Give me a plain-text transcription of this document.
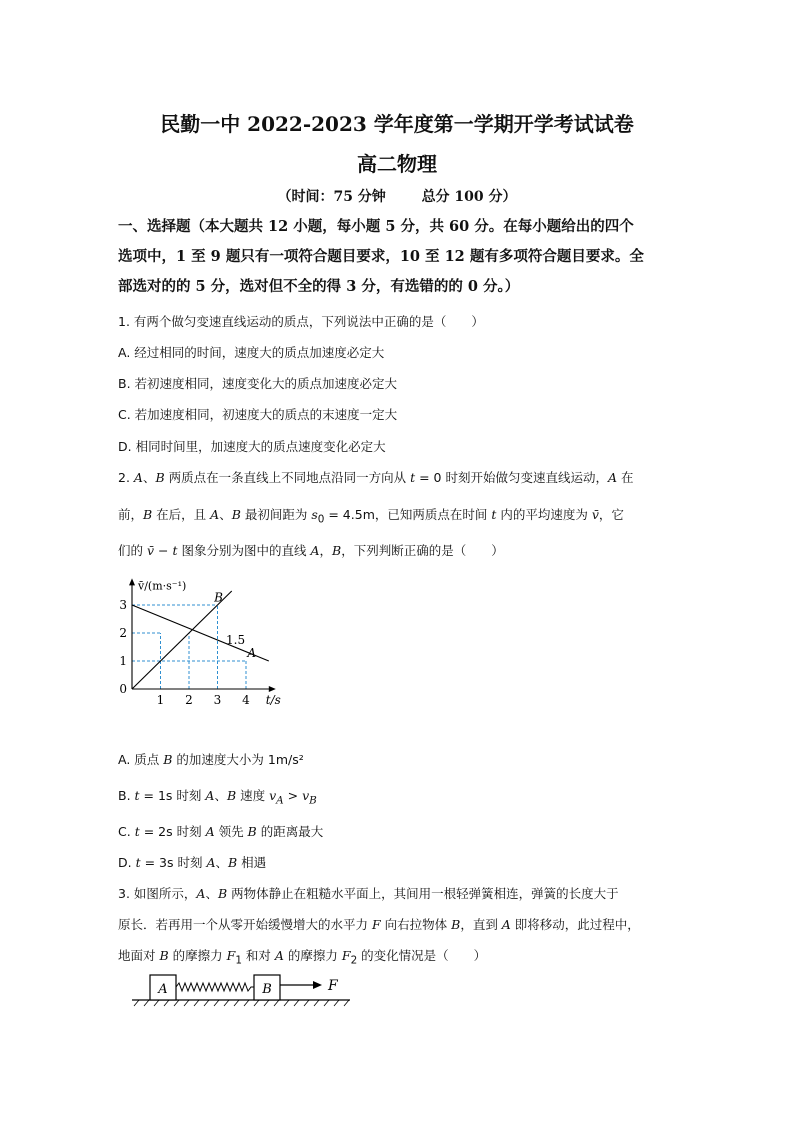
民勤一中 2022-2023 学年度第一学期开学考试试卷
高二物理
（时间：75 分钟	总分 100 分）
一、选择题（本大题共 12 小题，每小题 5 分，共 60 分。在每小题给出的四个
选项中，1 至 9 题只有一项符合题目要求，10 至 12 题有多项符合题目要求。全
部选对的的 5 分，选对但不全的得 3 分，有选错的的 0 分。）
1. 有两个做匀变速直线运动的质点，下列说法中正确的是（　　）
A. 经过相同的时间，速度大的质点加速度必定大
B. 若初速度相同，速度变化大的质点加速度必定大
C. 若加速度相同，初速度大的质点的末速度一定大
D. 相同时间里，加速度大的质点速度变化必定大
2. A、B 两质点在一条直线上不同地点沿同一方向从 t = 0 时刻开始做匀变速直线运动，A 在
前，B 在后，且 A、B 最初间距为 $s_0 = 4.5m$，已知两质点在时间 t 内的平均速度为 v̄，它
们的 v̄ − t 图象分别为图中的直线 A，B，下列判断正确的是（　　）
A
B
1.5
1 2 3 4
0
1
2
3
v̄/(m·s⁻¹)
t/s
A. 质点 B 的加速度大小为 1m/s²
B. t = 1s 时刻 A、B 速度 $v_A > v_B$
C. t = 2s 时刻 A 领先 B 的距离最大
D. t = 3s 时刻 A、B 相遇
3. 如图所示，A、B 两物体静止在粗糙水平面上，其间用一根轻弹簧相连，弹簧的长度大于
原长．若再用一个从零开始缓慢增大的水平力 F 向右拉物体 B，直到 A 即将移动，此过程中，
地面对 B 的摩擦力 $F_1$ 和对 A 的摩擦力 $F_2$ 的变化情况是（　　）
A	B	F
